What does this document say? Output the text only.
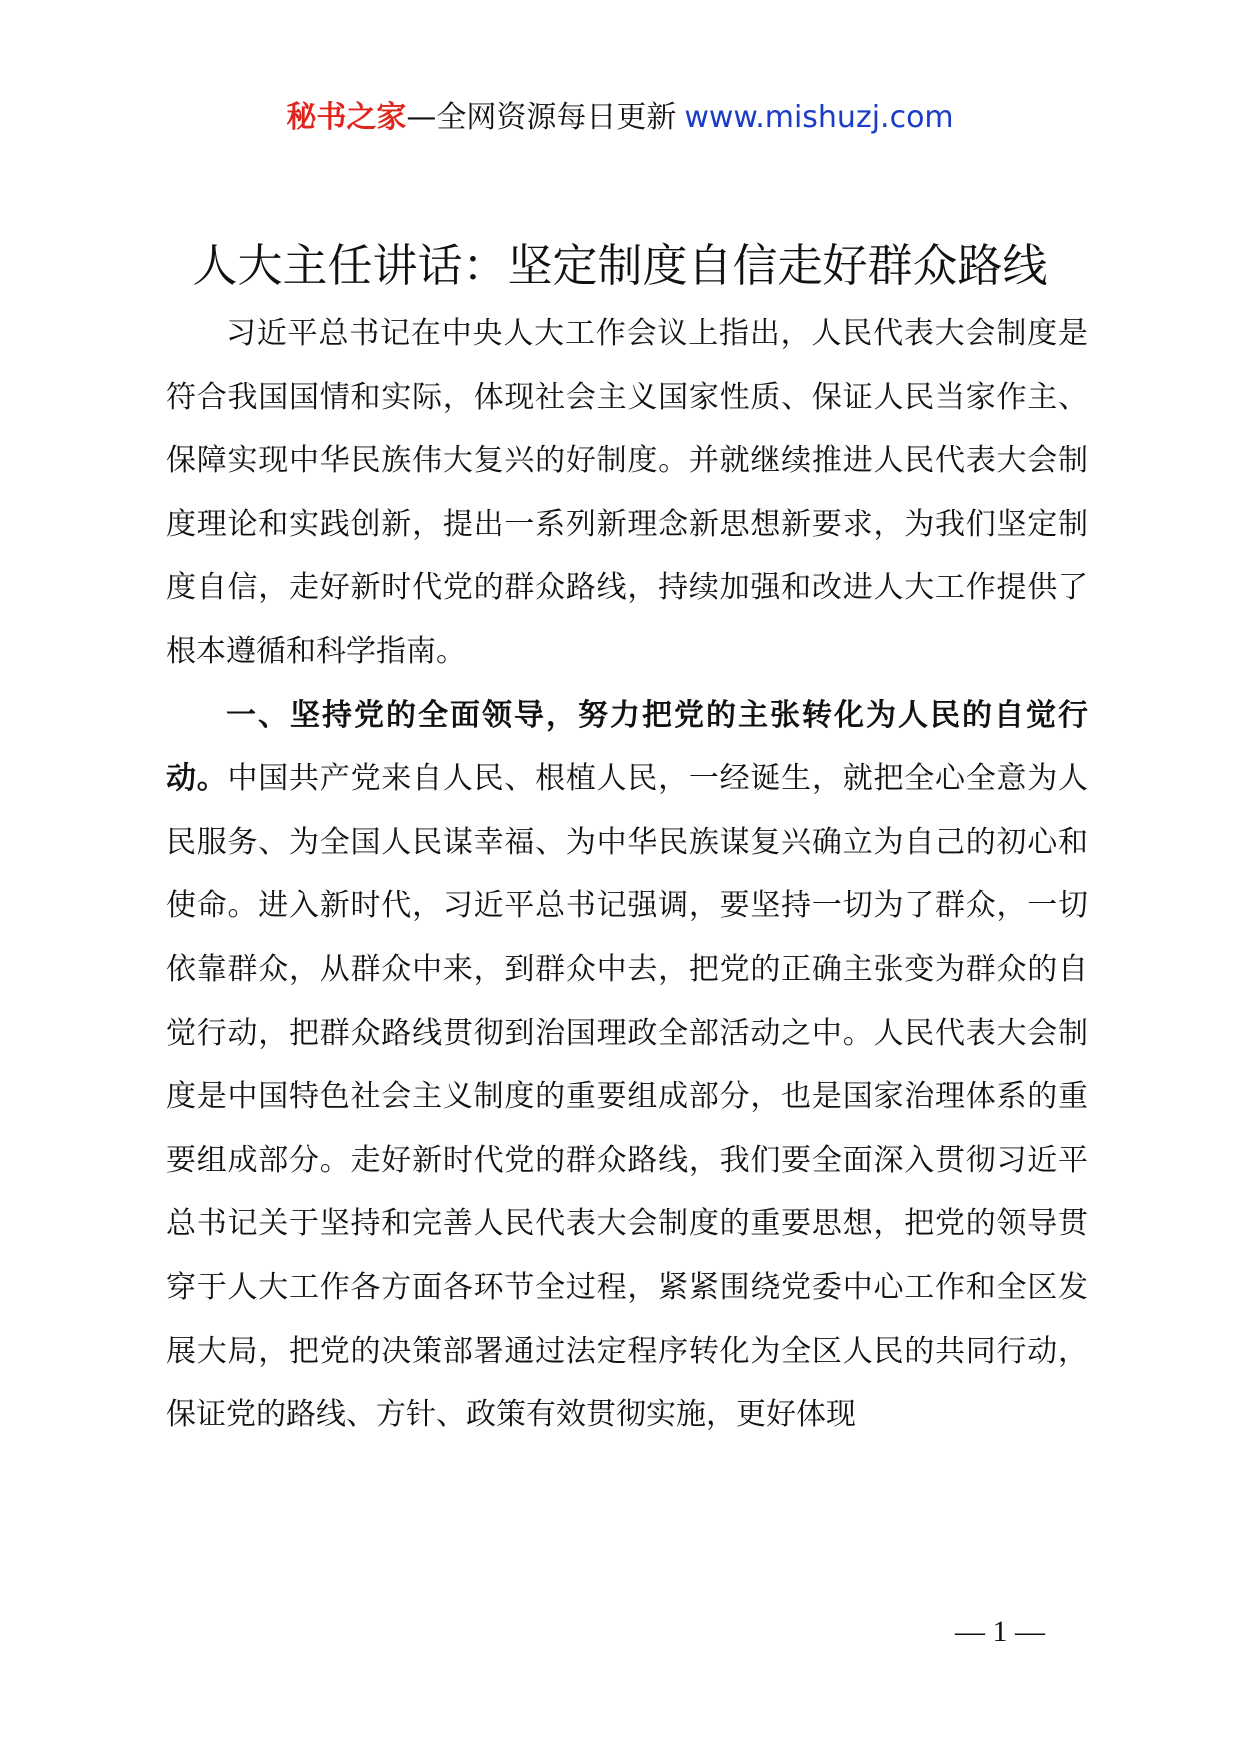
秘书之家—全网资源每日更新 www.mishuzj.com
人大主任讲话：坚定制度自信走好群众路线

习近平总书记在中央人大工作会议上指出，人民代表大会制度是符合我国国情和实际，体现社会主义国家性质、保证人民当家作主、保障实现中华民族伟大复兴的好制度。并就继续推进人民代表大会制度理论和实践创新，提出一系列新理念新思想新要求，为我们坚定制度自信，走好新时代党的群众路线，持续加强和改进人大工作提供了根本遵循和科学指南。

一、坚持党的全面领导，努力把党的主张转化为人民的自觉行动。中国共产党来自人民、根植人民，一经诞生，就把全心全意为人民服务、为全国人民谋幸福、为中华民族谋复兴确立为自己的初心和使命。进入新时代，习近平总书记强调，要坚持一切为了群众，一切依靠群众，从群众中来，到群众中去，把党的正确主张变为群众的自觉行动，把群众路线贯彻到治国理政全部活动之中。人民代表大会制度是中国特色社会主义制度的重要组成部分，也是国家治理体系的重要组成部分。走好新时代党的群众路线，我们要全面深入贯彻习近平总书记关于坚持和完善人民代表大会制度的重要思想，把党的领导贯穿于人大工作各方面各环节全过程，紧紧围绕党委中心工作和全区发展大局，把党的决策部署通过法定程序转化为全区人民的共同行动，保证党的路线、方针、政策有效贯彻实施，更好体现

— 1 —
